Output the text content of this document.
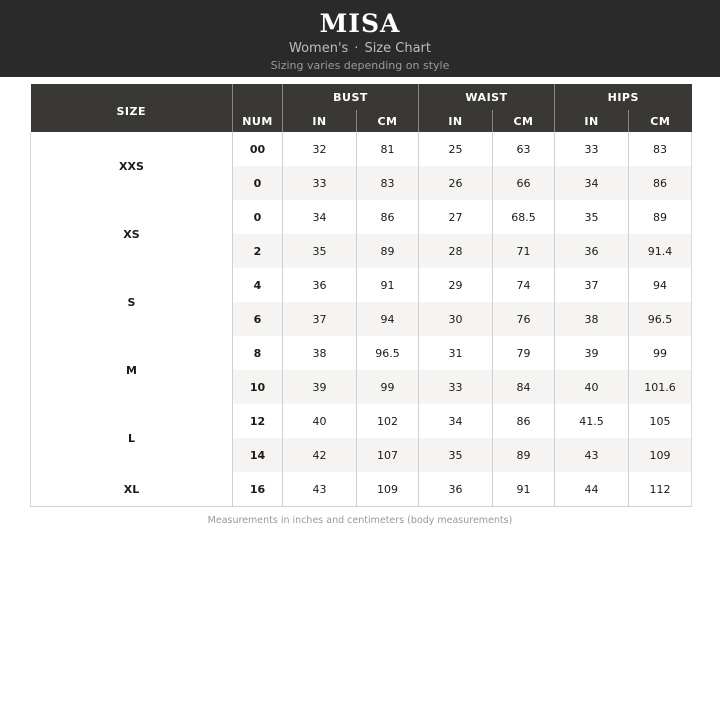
MISA
Women's · Size Chart
Sizing varies depending on style
SIZE		BUST		WAIST		HIPS	
	NUM	IN	CM	IN	CM	IN	CM
XXS	00	32	81	25	63	33	83
	0	33	83	26	66	34	86
XS	0	34	86	27	68.5	35	89
	2	35	89	28	71	36	91.4
S	4	36	91	29	74	37	94
	6	37	94	30	76	38	96.5
M	8	38	96.5	31	79	39	99
	10	39	99	33	84	40	101.6
L	12	40	102	34	86	41.5	105
	14	42	107	35	89	43	109
XL	16	43	109	36	91	44	112
Measurements in inches and centimeters (body measurements)
